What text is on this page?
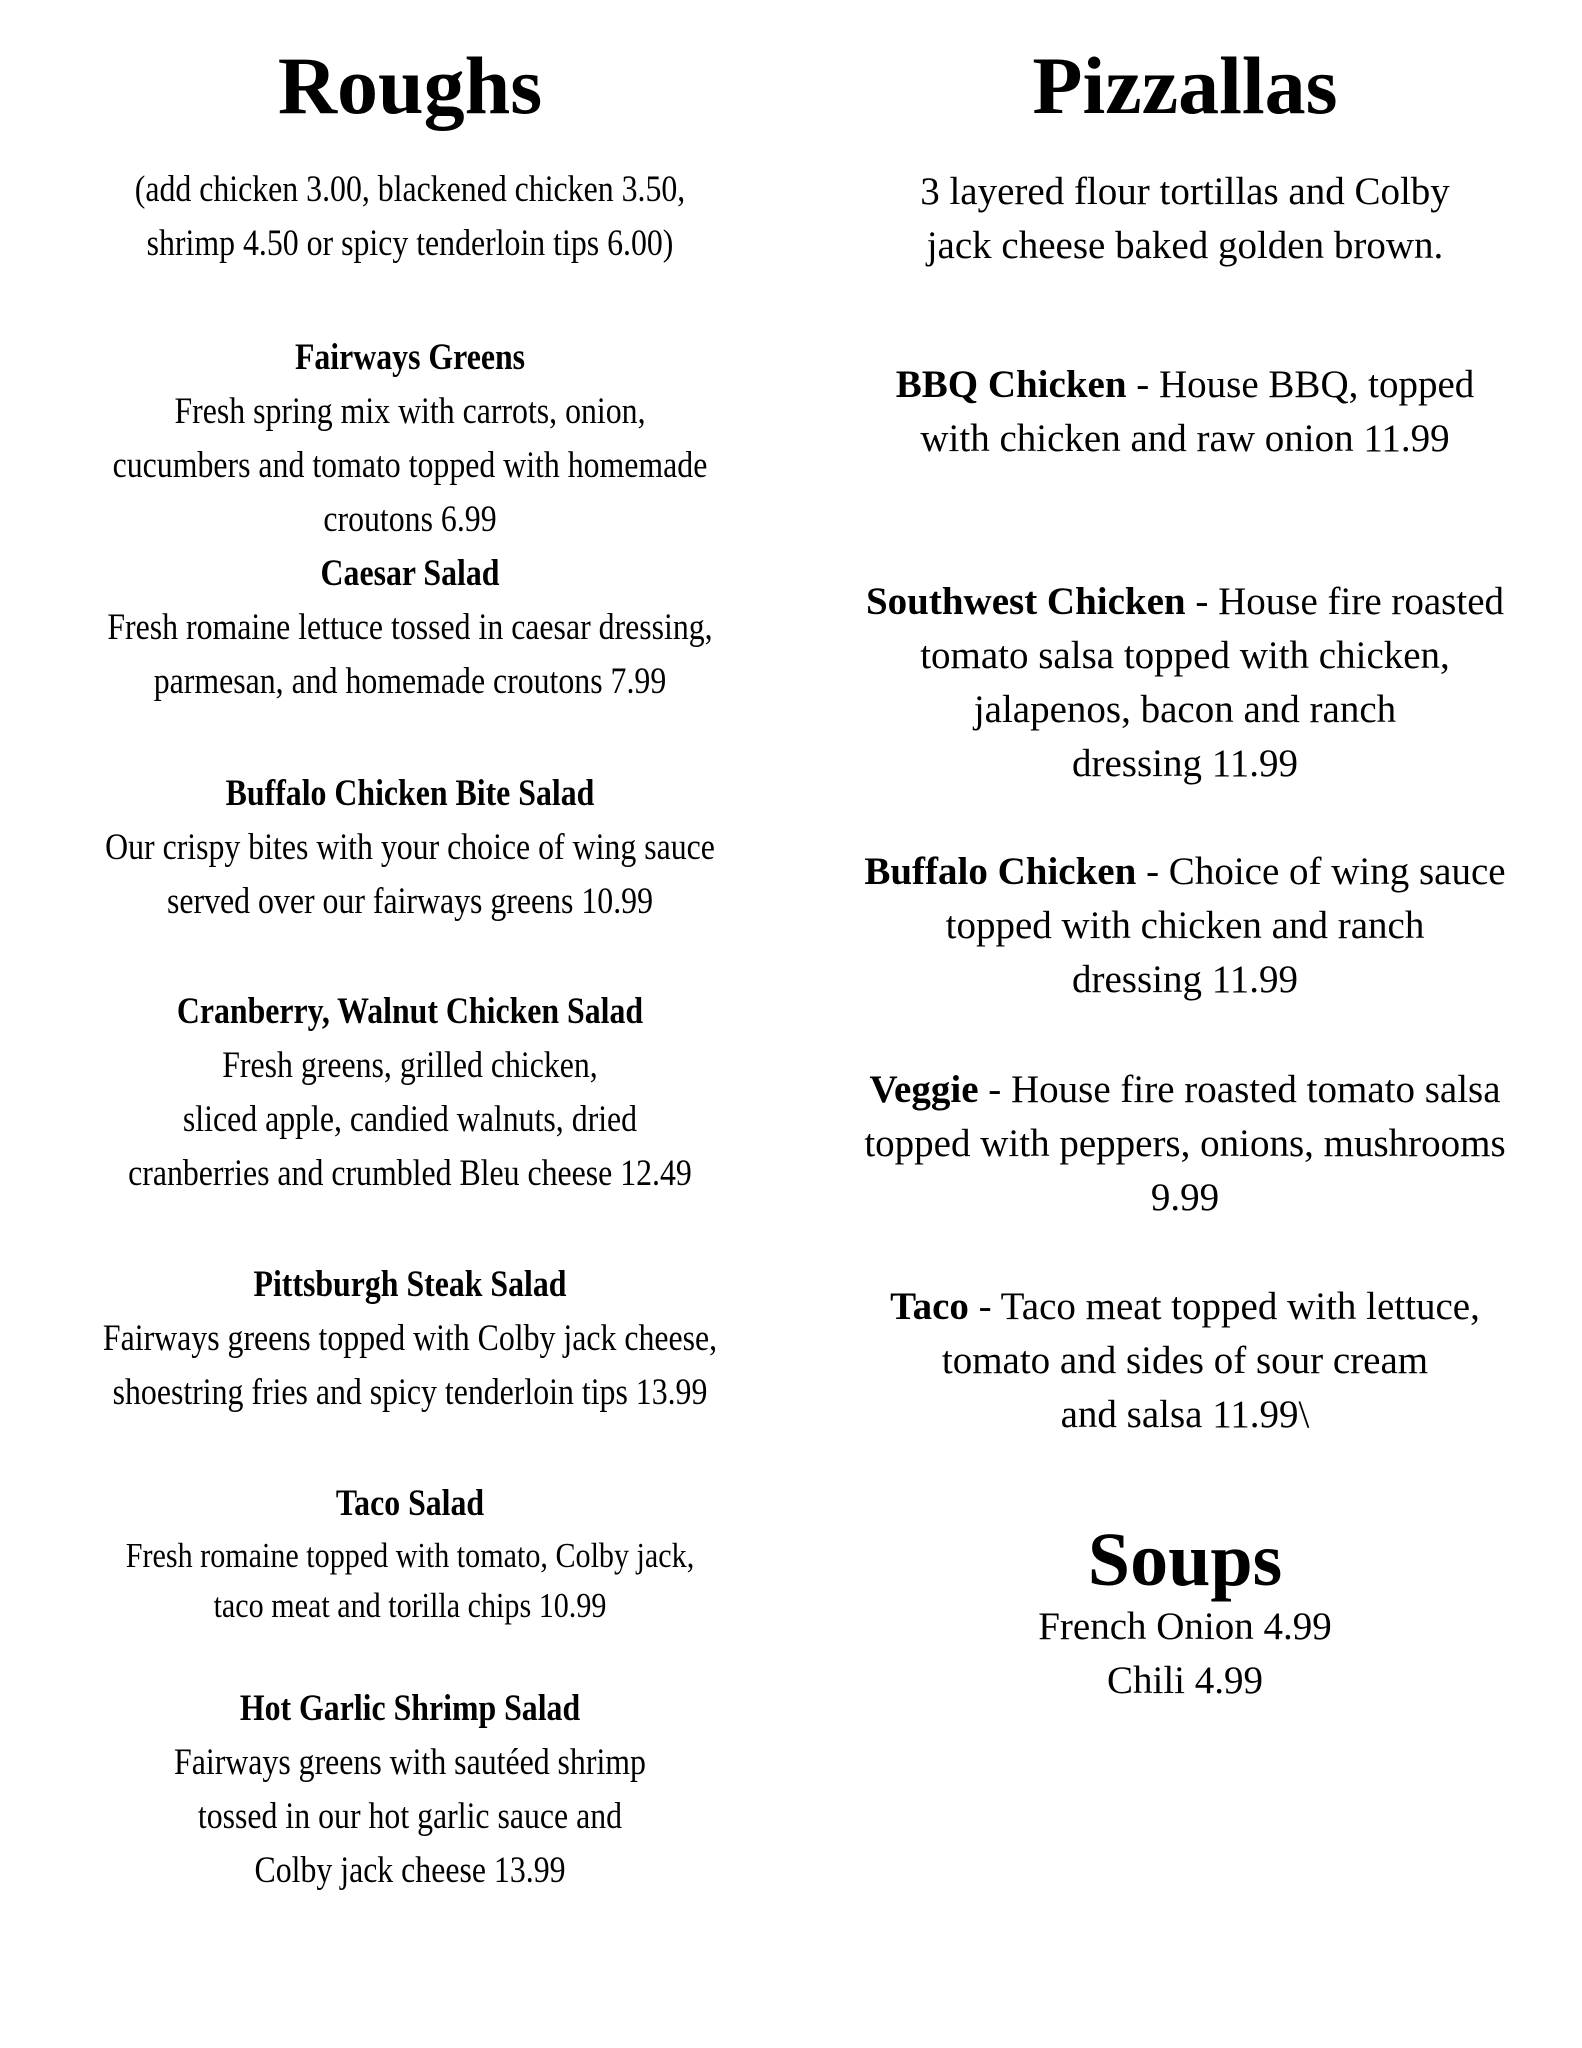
Roughs

(add chicken 3.00, blackened chicken 3.50,

shrimp 4.50 or spicy tenderloin tips 6.00)

Fairways Greens

Fresh spring mix with carrots, onion,

cucumbers and tomato topped with homemade

croutons 6.99

Caesar Salad

Fresh romaine lettuce tossed in caesar dressing,

parmesan, and homemade croutons 7.99

Buffalo Chicken Bite Salad

Our crispy bites with your choice of wing sauce

served over our fairways greens 10.99

Cranberry, Walnut Chicken Salad

Fresh greens, grilled chicken,

sliced apple, candied walnuts, dried

cranberries and crumbled Bleu cheese 12.49

Pittsburgh Steak Salad

Fairways greens topped with Colby jack cheese,

shoestring fries and spicy tenderloin tips 13.99

Taco Salad

Fresh romaine topped with tomato, Colby jack,

taco meat and torilla chips 10.99

Hot Garlic Shrimp Salad

Fairways greens with sautéed shrimp

tossed in our hot garlic sauce and

Colby jack cheese 13.99

Pizzallas

3 layered flour tortillas and Colby

jack cheese baked golden brown.

BBQ Chicken - House BBQ, topped

with chicken and raw onion 11.99

Southwest Chicken - House fire roasted

tomato salsa topped with chicken,

jalapenos, bacon and ranch

dressing 11.99

Buffalo Chicken - Choice of wing sauce

topped with chicken and ranch

dressing 11.99

Veggie - House fire roasted tomato salsa

topped with peppers, onions, mushrooms

9.99

Taco - Taco meat topped with lettuce,

tomato and sides of sour cream

and salsa 11.99\

Soups

French Onion 4.99

Chili 4.99
